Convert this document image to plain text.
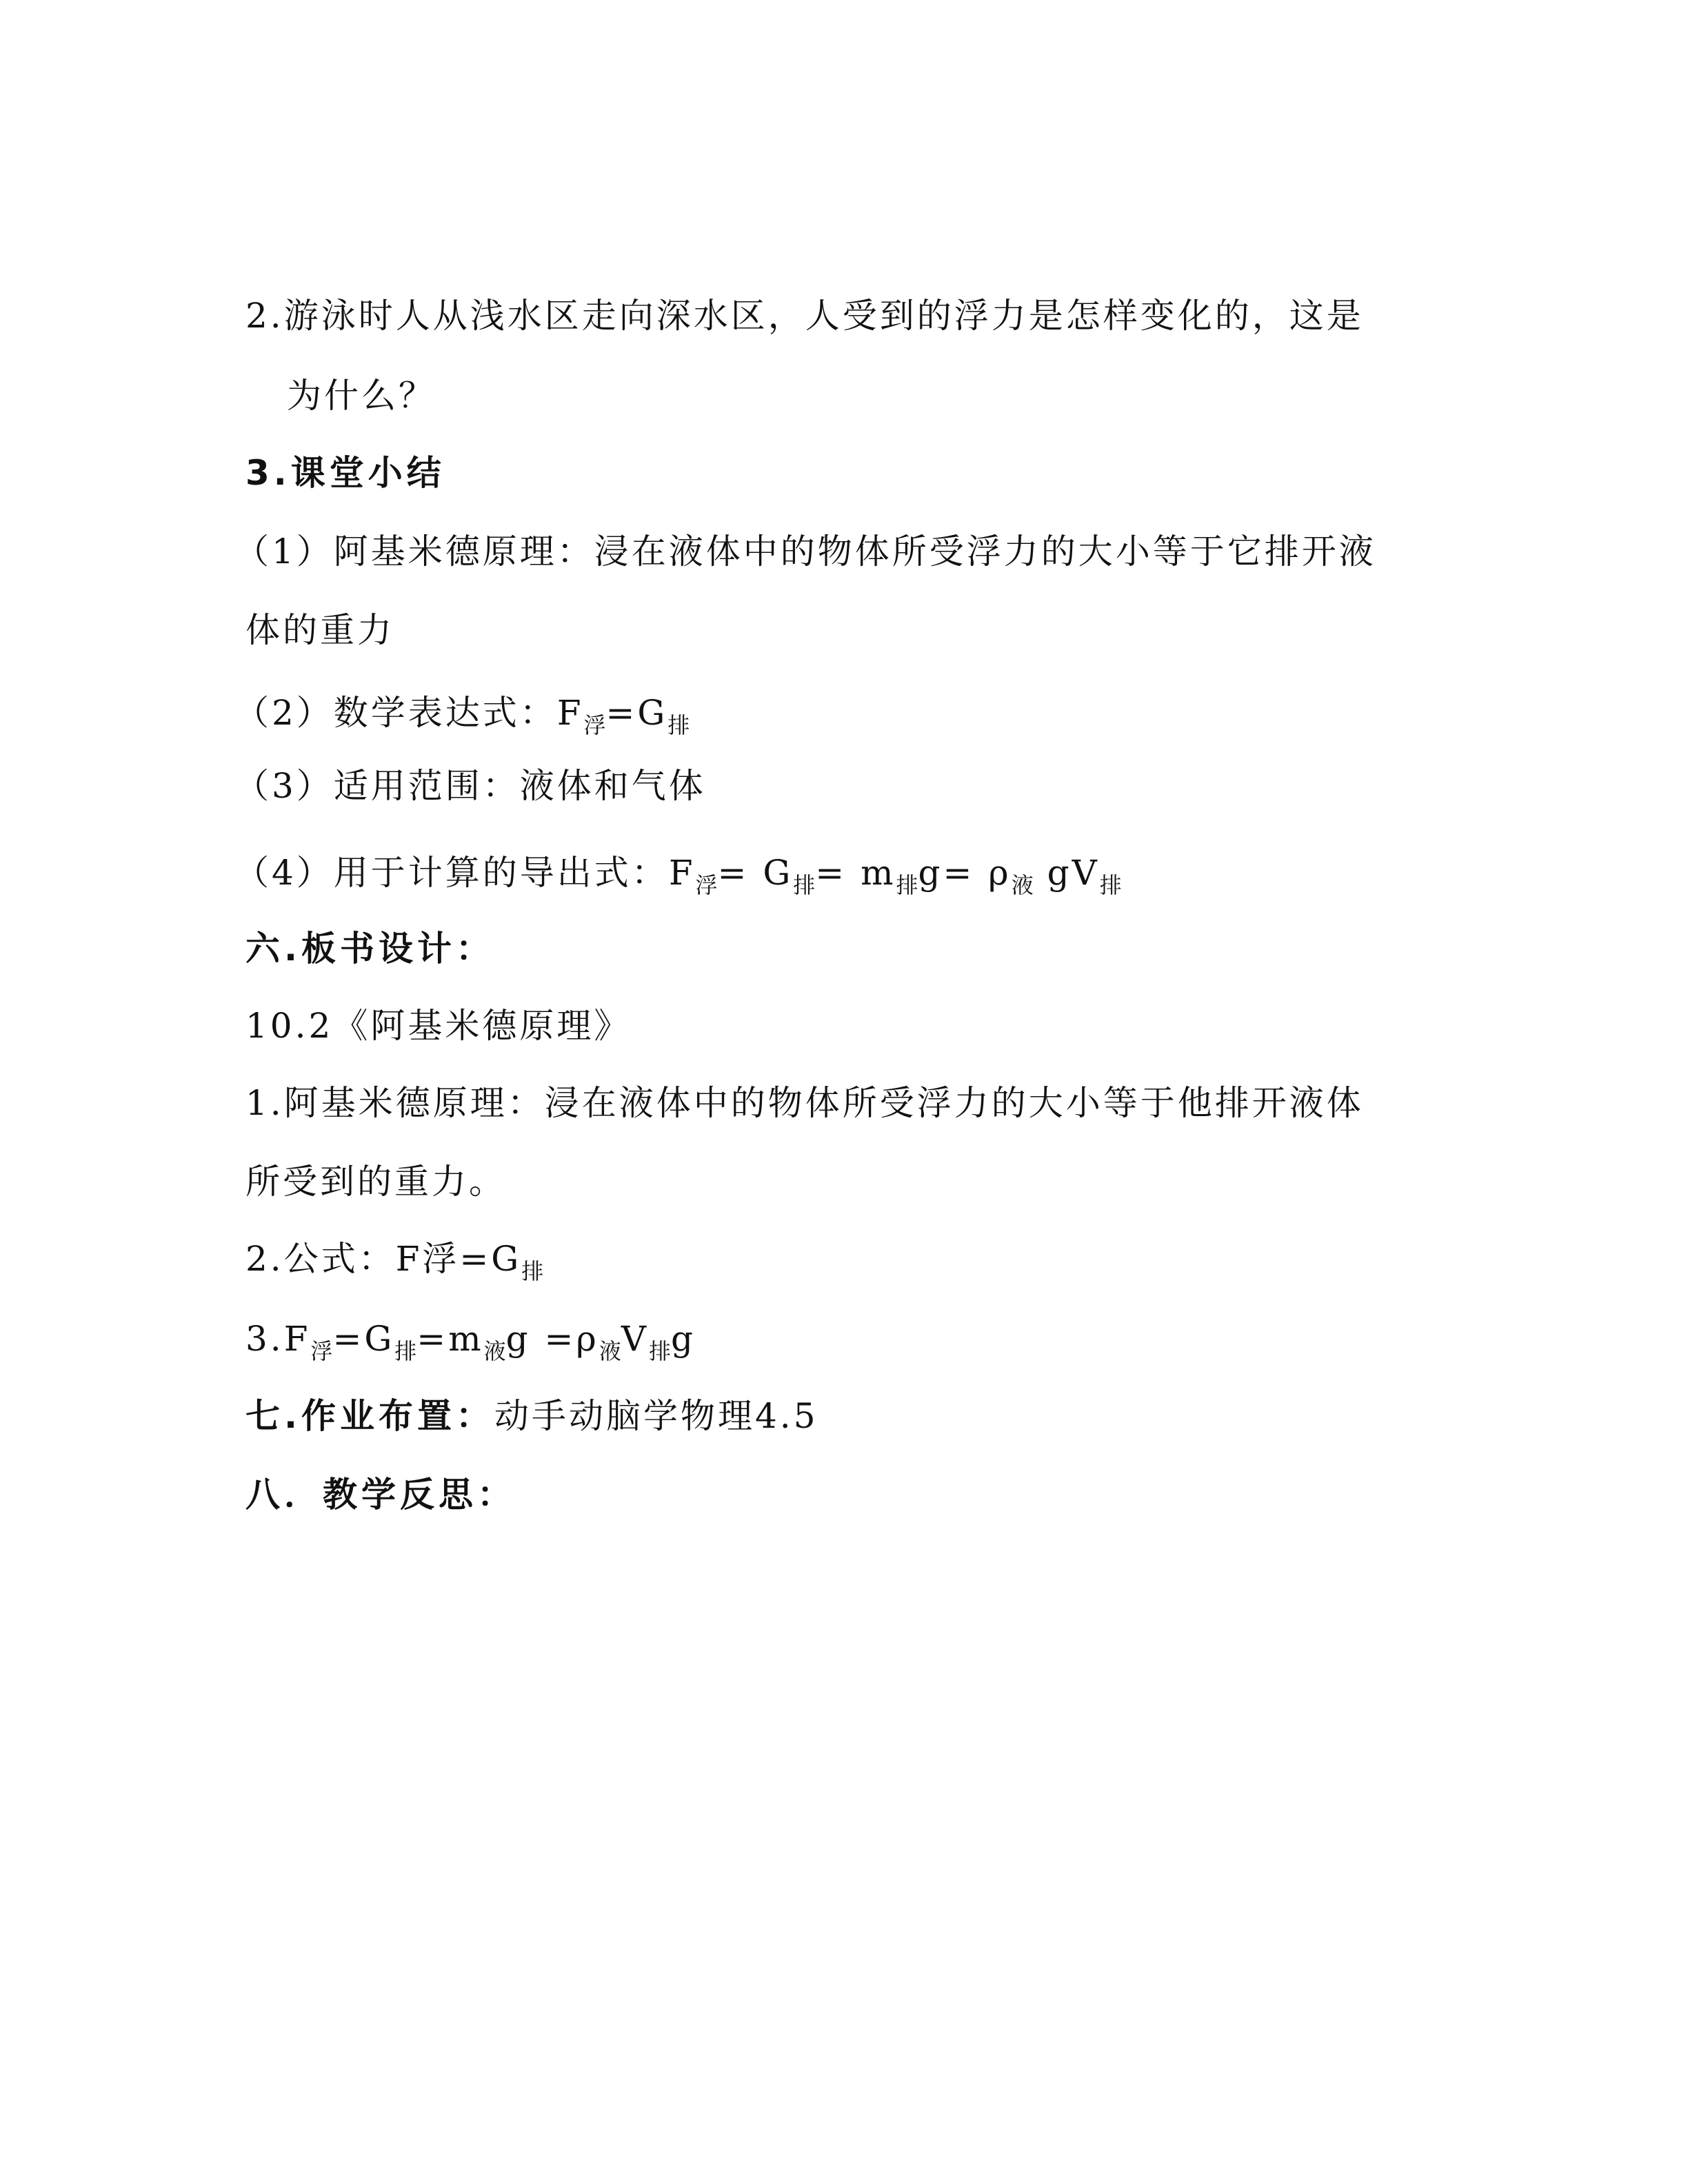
2.游泳时人从浅水区走向深水区，人受到的浮力是怎样变化的，这是
为什么？
3.课堂小结
（1）阿基米德原理：浸在液体中的物体所受浮力的大小等于它排开液
体的重力
（2）数学表达式：$F_浮=G_排$
（3）适用范围：液体和气体
（4）用于计算的导出式：$F_浮= G_排= m_排g= \rho_液$ $gV_排$
六.板书设计：
10.2《阿基米德原理》
1.阿基米德原理：浸在液体中的物体所受浮力的大小等于他排开液体
所受到的重力。
2.公式：F浮$=G_排$
$3.F_浮=G_排=m_液g =\rho_液V_排g$
七.作业布置：动手动脑学物理4.5
八．教学反思：
